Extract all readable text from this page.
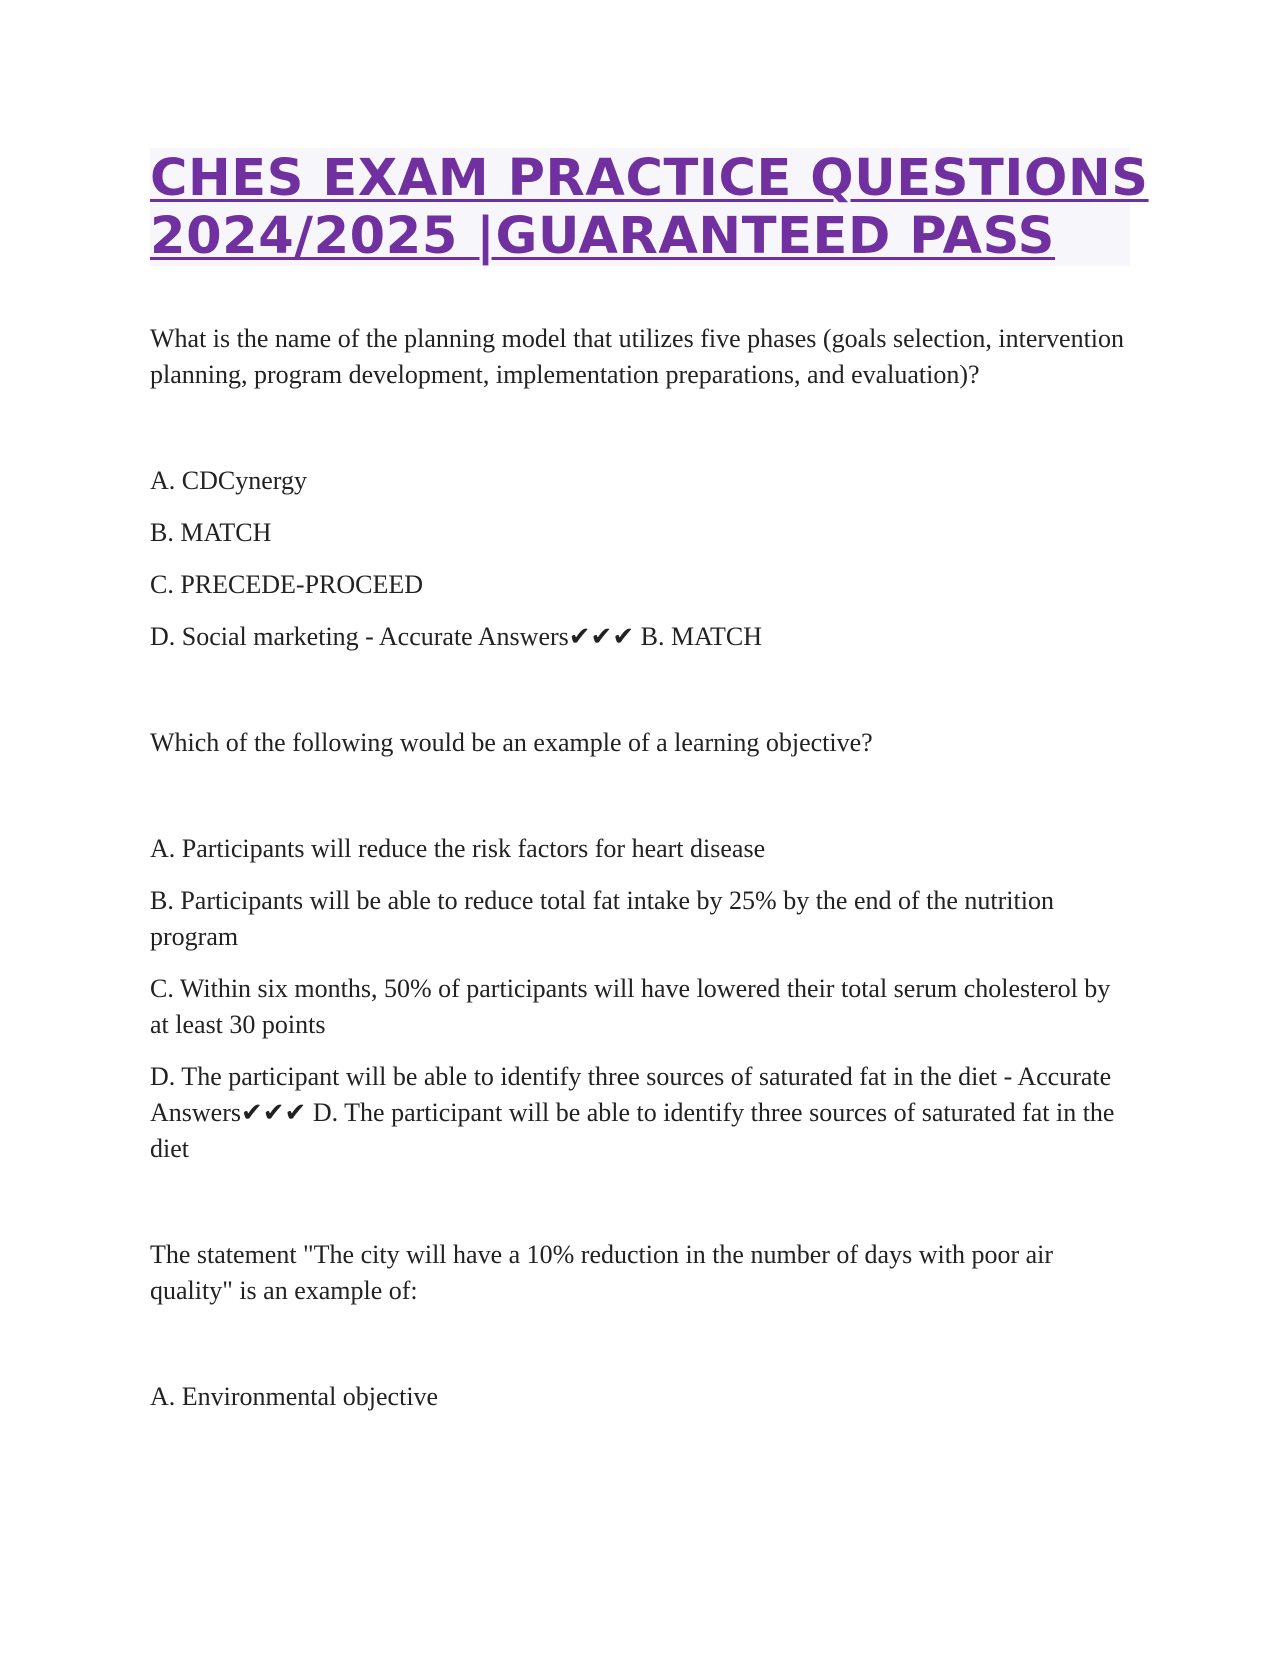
CHES EXAM PRACTICE QUESTIONS
2024/2025 |GUARANTEED PASS

What is the name of the planning model that utilizes five phases (goals selection, intervention planning, program development, implementation preparations, and evaluation)?

A. CDCynergy

B. MATCH

C. PRECEDE-PROCEED

D. Social marketing - Accurate Answers✔✔✔ B. MATCH

Which of the following would be an example of a learning objective?

A. Participants will reduce the risk factors for heart disease

B. Participants will be able to reduce total fat intake by 25% by the end of the nutrition program

C. Within six months, 50% of participants will have lowered their total serum cholesterol by at least 30 points

D. The participant will be able to identify three sources of saturated fat in the diet - Accurate Answers✔✔✔ D. The participant will be able to identify three sources of saturated fat in the diet

The statement "The city will have a 10% reduction in the number of days with poor air quality" is an example of:

A. Environmental objective
